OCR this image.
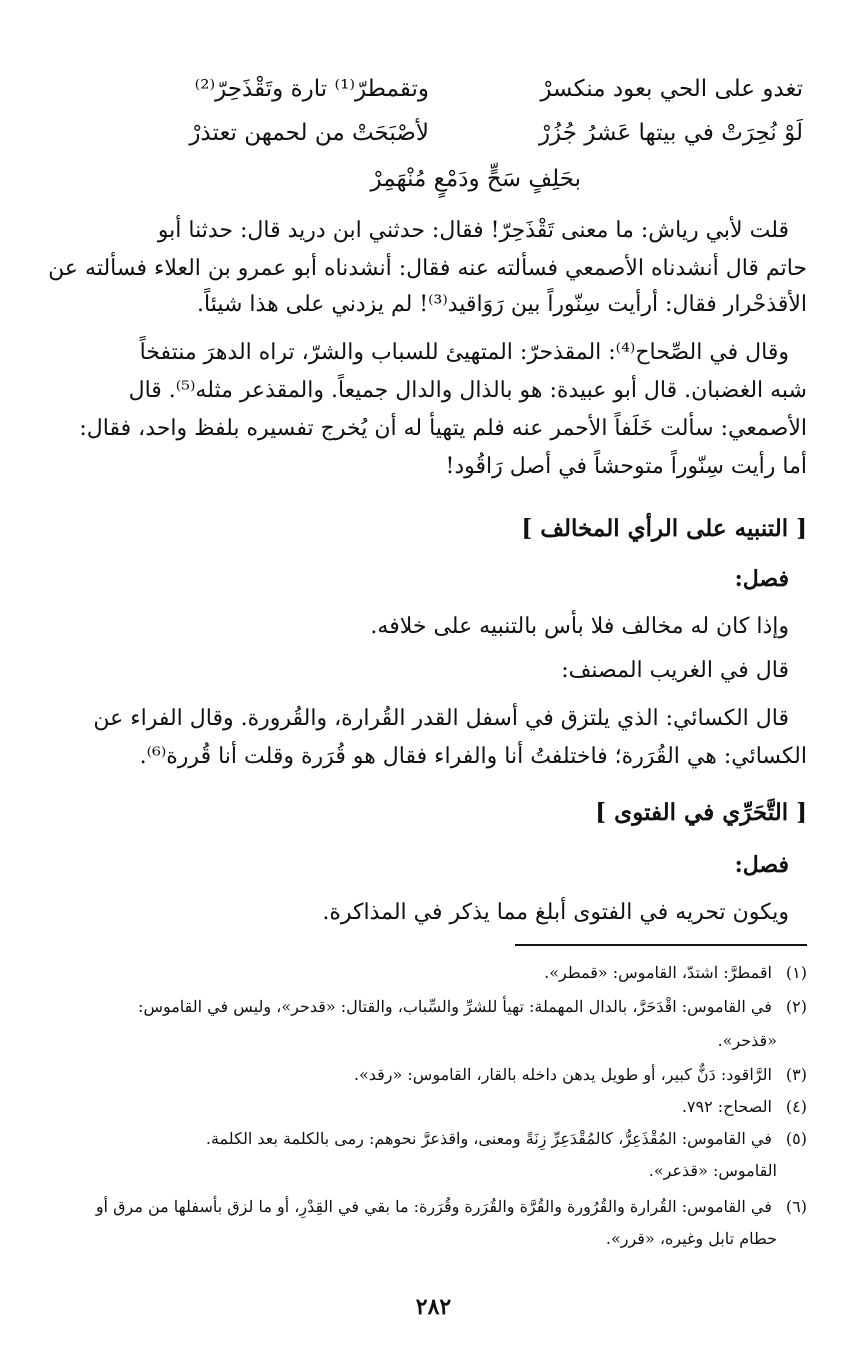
تغدو على الحي بعود منكسرْ
وتقمطرّ⁽¹⁾ تارة وتَقْذَحِرّ⁽²⁾
لَوْ نُحِرَتْ في بيتها عَشرُ جُزُرْ
لأصْبَحَتْ من لحمهن تعتذرْ
بحَلِفٍ سَحٍّ ودَمْعٍ مُنْهَمِرْ
قلت لأبي رياش: ما معنى تَقْذَحِرّ! فقال: حدثني ابن دريد قال: حدثنا أبو
حاتم قال أنشدناه الأصمعي فسألته عنه فقال: أنشدناه أبو عمرو بن العلاء فسألته عن
الأقذحْرار فقال: أرأيت سِنّوراً بين رَوَاقيد⁽³⁾! لم يزدني على هذا شيئاً.
وقال في الصِّحاح⁽⁴⁾: المقذحرّ: المتهيئ للسباب والشرّ، تراه الدهرَ منتفخاً
شبه الغضبان. قال أبو عبيدة: هو بالذال والدال جميعاً. والمقذعر مثله⁽⁵⁾. قال
الأصمعي: سألت خَلَفاً الأحمر عنه فلم يتهيأ له أن يُخرج تفسيره بلفظ واحد، فقال:
أما رأيت سِنّوراً متوحشاً في أصل رَاقُود!
[ التنبيه على الرأي المخالف ]
فصل:
وإذا كان له مخالف فلا بأس بالتنبيه على خلافه.
قال في الغريب المصنف:
قال الكسائي: الذي يلتزق في أسفل القدر القُرارة، والقُرورة. وقال الفراء عن
الكسائي: هي القُرَرة؛ فاختلفتُ أنا والفراء فقال هو قُرَرة وقلت أنا قُررة⁽⁶⁾.
[ التَّحَرِّي في الفتوى ]
فصل:
ويكون تحريه في الفتوى أبلغ مما يذكر في المذاكرة.
(١) اقمطرَّ: اشتدّ، القاموس: «قمطر».
(٢) في القاموس: اقْدَحَرَّ، بالدال المهملة: تهيأ للشرِّ والسِّباب، والقتال: «قدحر»، وليس في القاموس:
«قذحر».
(٣) الرَّاقود: دَنٌّ كبير، أو طويل يدهن داخله بالقار، القاموس: «رقد».
(٤) الصحاح: ٧٩٢.
(٥) في القاموس: المُقْذَعِرُّ، كالمُقْدَعِرِّ زِنَةً ومعنى، واقذعرَّ نحوهم: رمى بالكلمة بعد الكلمة.
القاموس: «قذعر».
(٦) في القاموس: القُرارة والقُرُورة والقُرَّة والقُرَرة وقُرَرة: ما بقي في القِدْرِ، أو ما لزق بأسفلها من مرق أو
حطام تابل وغيره، «قرر».
٢٨٢
